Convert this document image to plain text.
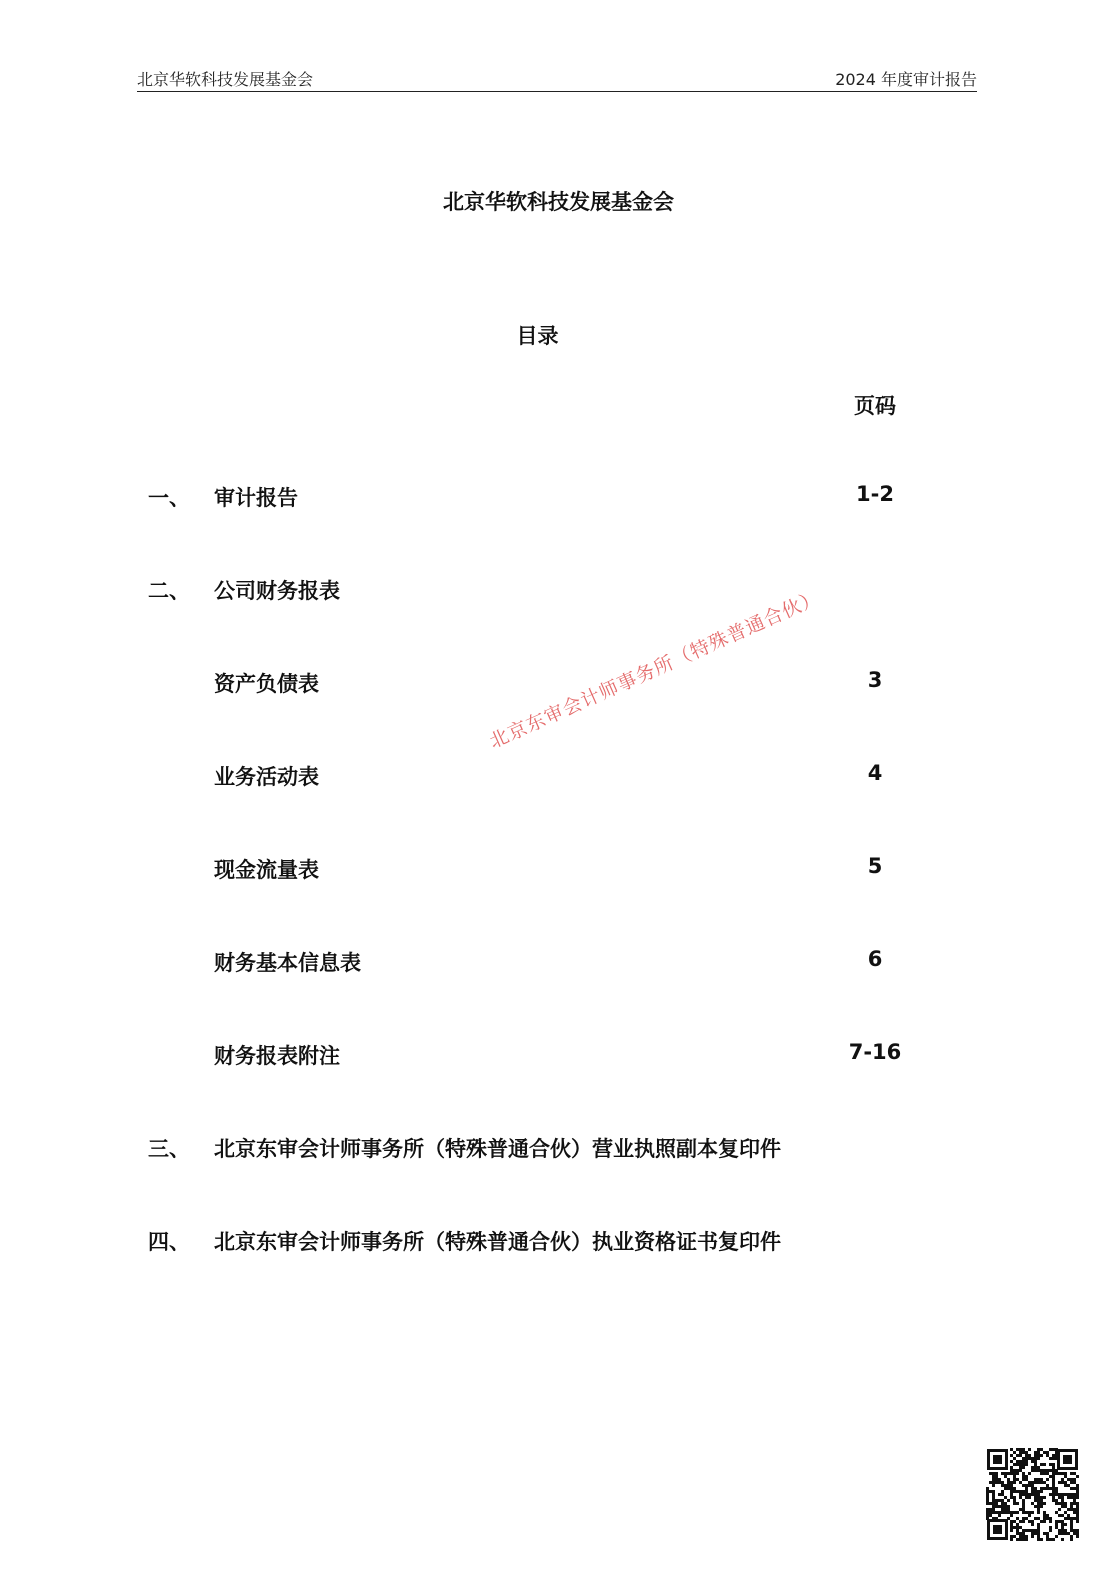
北京华软科技发展基金会	2024 年度审计报告
北京华软科技发展基金会
目录
页码
一、 审计报告	1-2
二、 公司财务报表
资产负债表	3
业务活动表	4
现金流量表	5
财务基本信息表	6
财务报表附注	7-16
三、 北京东审会计师事务所（特殊普通合伙）营业执照副本复印件
四、 北京东审会计师事务所（特殊普通合伙）执业资格证书复印件
北京东审会计师事务所（特殊普通合伙）
